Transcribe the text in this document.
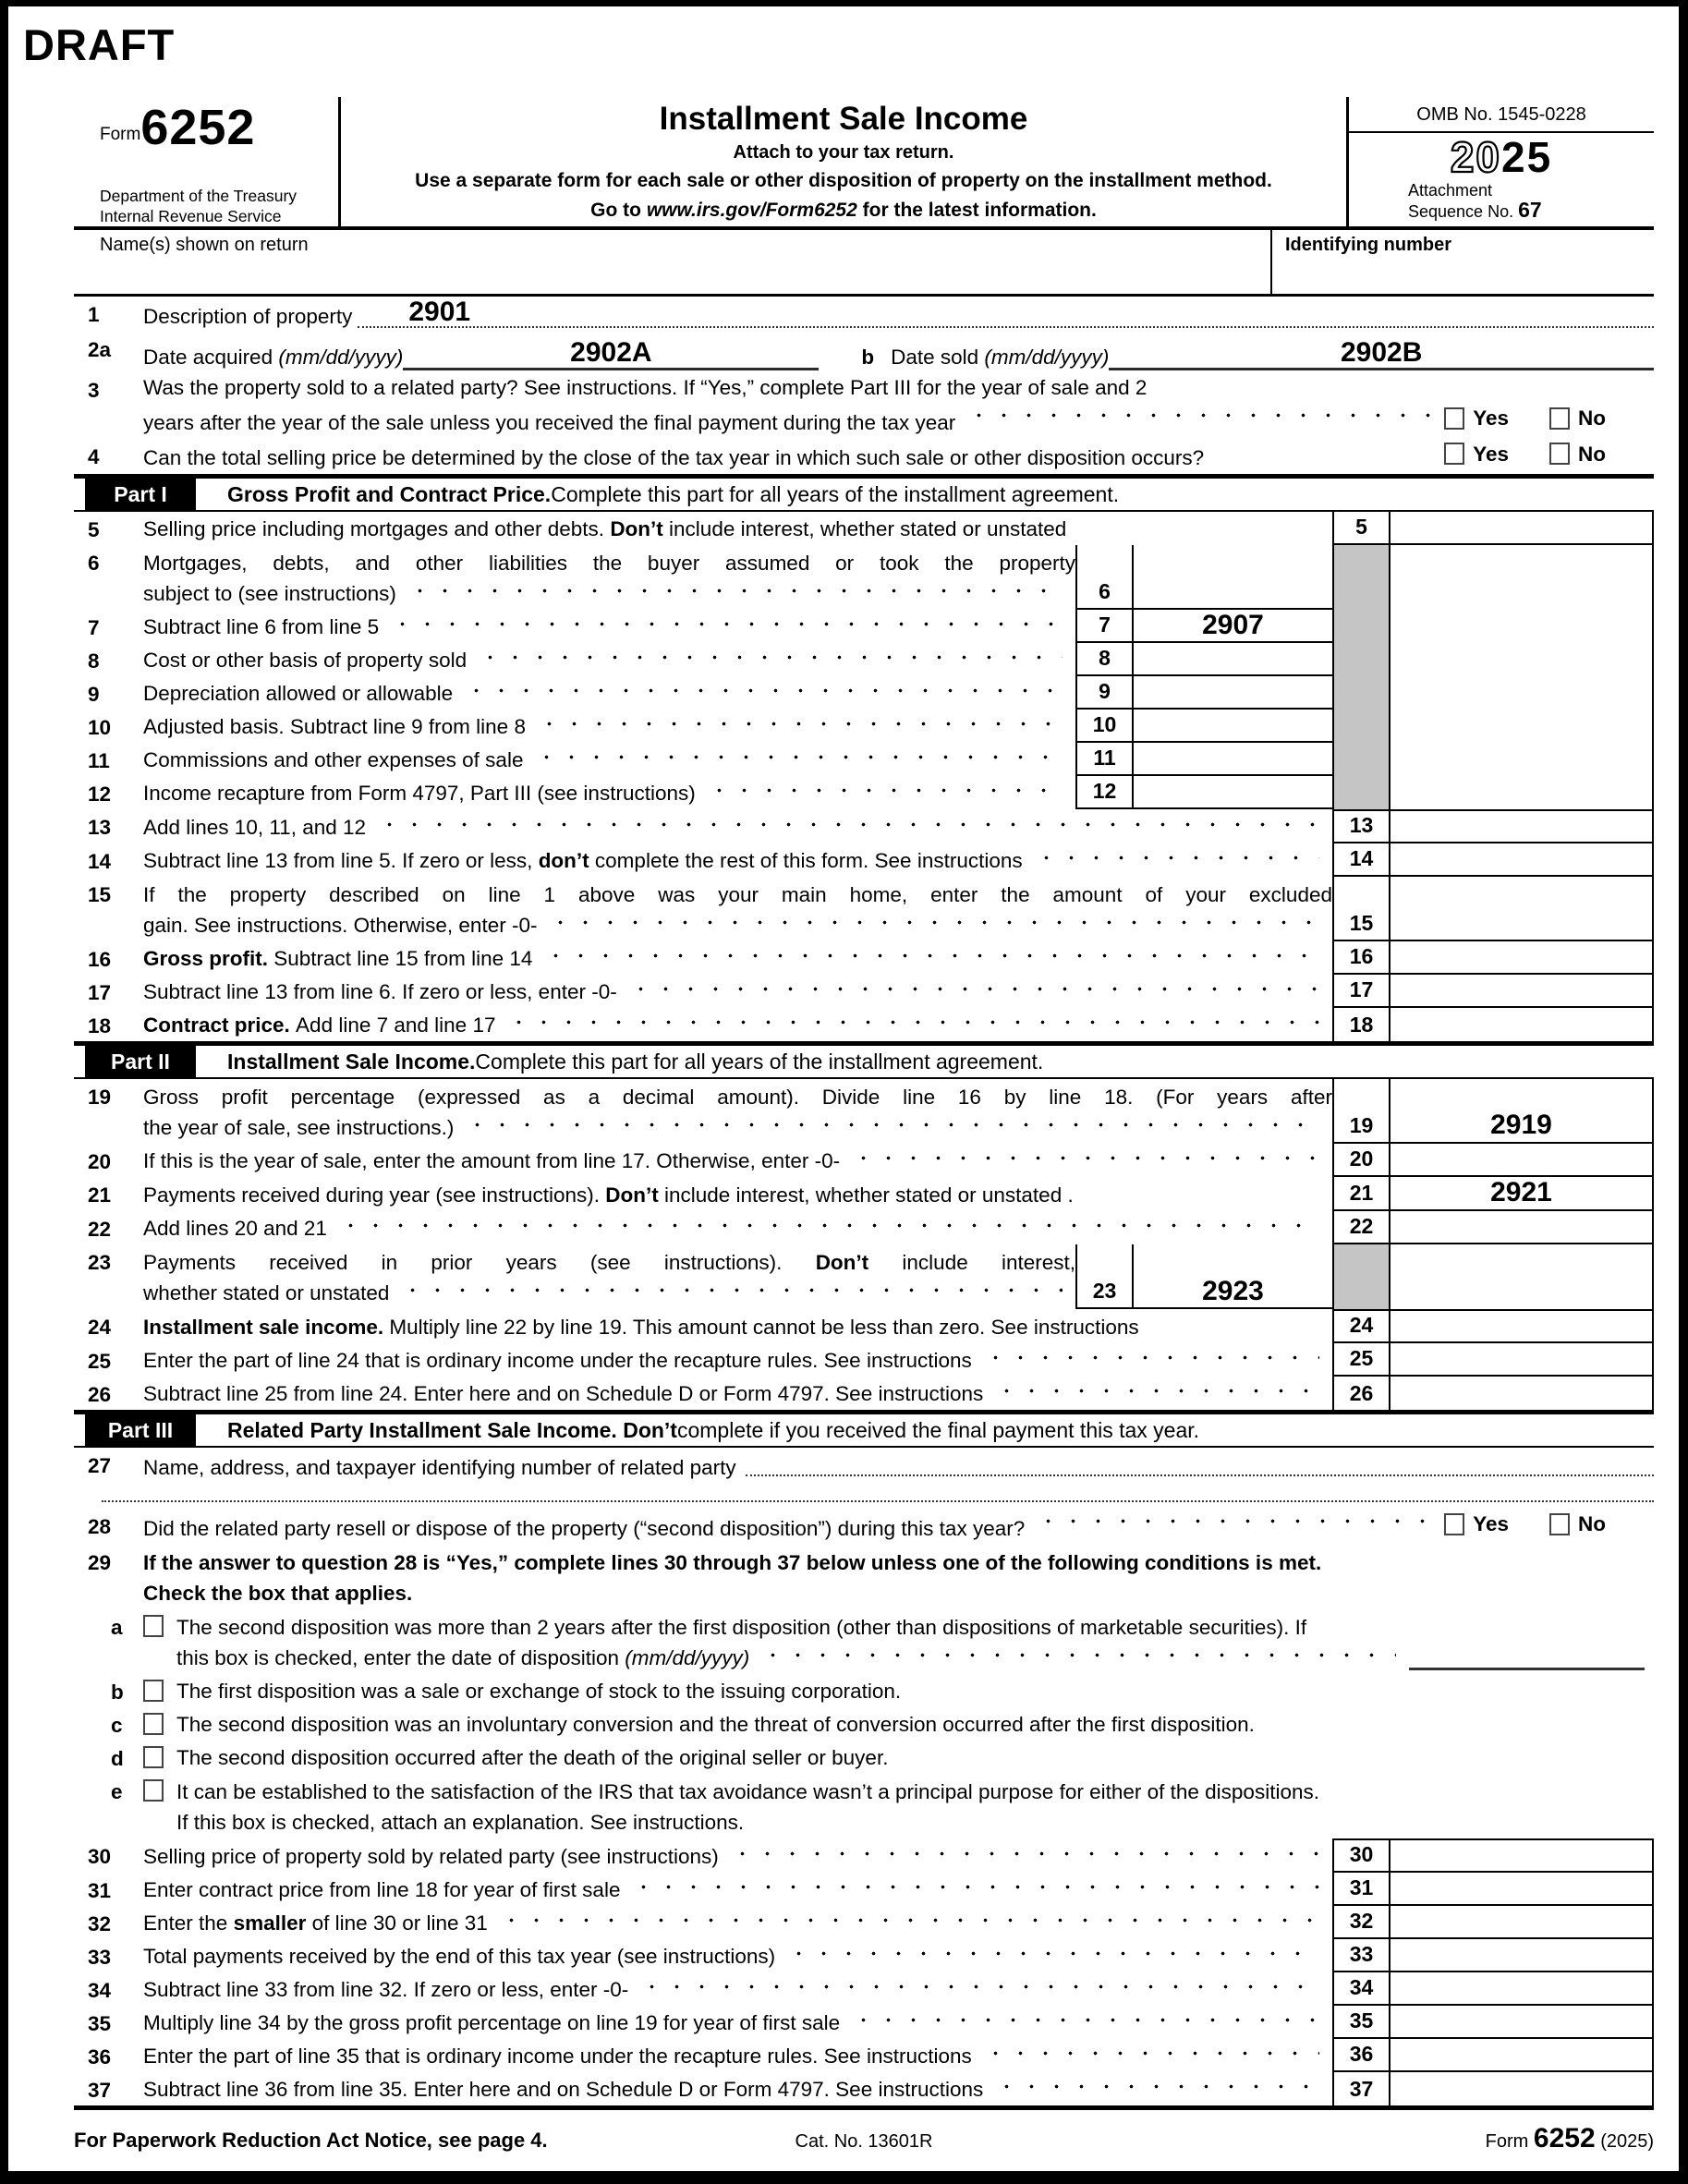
DRAFT
Form 6252
Department of the Treasury
Internal Revenue Service
Installment Sale Income
Attach to your tax return.
Use a separate form for each sale or other disposition of property on the installment method.
Go to www.irs.gov/Form6252 for the latest information.
OMB No. 1545-0228
2025
Attachment
Sequence No. 67
Name(s) shown on return	Identifying number
1	Description of property	2901
2a	Date acquired (mm/dd/yyyy)	2902A	b Date sold (mm/dd/yyyy)	2902B
3	Was the property sold to a related party? See instructions. If “Yes,” complete Part III for the year of sale and 2
years after the year of the sale unless you received the final payment during the tax year	Yes	No
4	Can the total selling price be determined by the close of the tax year in which such sale or other disposition occurs?	Yes	No
Part I	Gross Profit and Contract Price. Complete this part for all years of the installment agreement.
5	Selling price including mortgages and other debts. Don’t include interest, whether stated or unstated	5
6	Mortgages, debts, and other liabilities the buyer assumed or took the property
subject to (see instructions)	6
7	Subtract line 6 from line 5	7	2907
8	Cost or other basis of property sold	8
9	Depreciation allowed or allowable	9
10	Adjusted basis. Subtract line 9 from line 8	10
11	Commissions and other expenses of sale	11
12	Income recapture from Form 4797, Part III (see instructions)	12
13	Add lines 10, 11, and 12	13
14	Subtract line 13 from line 5. If zero or less, don’t complete the rest of this form. See instructions	14
15	If the property described on line 1 above was your main home, enter the amount of your excluded
gain. See instructions. Otherwise, enter -0-	15
16	Gross profit. Subtract line 15 from line 14	16
17	Subtract line 13 from line 6. If zero or less, enter -0-	17
18	Contract price. Add line 7 and line 17	18
Part II	Installment Sale Income. Complete this part for all years of the installment agreement.
19	Gross profit percentage (expressed as a decimal amount). Divide line 16 by line 18. (For years after
the year of sale, see instructions.)	19	2919
20	If this is the year of sale, enter the amount from line 17. Otherwise, enter -0-	20
21	Payments received during year (see instructions). Don’t include interest, whether stated or unstated .	21	2921
22	Add lines 20 and 21	22
23	Payments received in prior years (see instructions). Don’t include interest,
whether stated or unstated	23	2923
24	Installment sale income. Multiply line 22 by line 19. This amount cannot be less than zero. See instructions	24
25	Enter the part of line 24 that is ordinary income under the recapture rules. See instructions	25
26	Subtract line 25 from line 24. Enter here and on Schedule D or Form 4797. See instructions	26
Part III	Related Party Installment Sale Income. Don’t complete if you received the final payment this tax year.
27	Name, address, and taxpayer identifying number of related party
28	Did the related party resell or dispose of the property (“second disposition”) during this tax year?	Yes	No
29	If the answer to question 28 is “Yes,” complete lines 30 through 37 below unless one of the following conditions is met.
Check the box that applies.
a	The second disposition was more than 2 years after the first disposition (other than dispositions of marketable securities). If
this box is checked, enter the date of disposition (mm/dd/yyyy)
b	The first disposition was a sale or exchange of stock to the issuing corporation.
c	The second disposition was an involuntary conversion and the threat of conversion occurred after the first disposition.
d	The second disposition occurred after the death of the original seller or buyer.
e	It can be established to the satisfaction of the IRS that tax avoidance wasn’t a principal purpose for either of the dispositions.
If this box is checked, attach an explanation. See instructions.
30	Selling price of property sold by related party (see instructions)	30
31	Enter contract price from line 18 for year of first sale	31
32	Enter the smaller of line 30 or line 31	32
33	Total payments received by the end of this tax year (see instructions)	33
34	Subtract line 33 from line 32. If zero or less, enter -0-	34
35	Multiply line 34 by the gross profit percentage on line 19 for year of first sale	35
36	Enter the part of line 35 that is ordinary income under the recapture rules. See instructions	36
37	Subtract line 36 from line 35. Enter here and on Schedule D or Form 4797. See instructions	37
For Paperwork Reduction Act Notice, see page 4.	Cat. No. 13601R	Form 6252 (2025)
